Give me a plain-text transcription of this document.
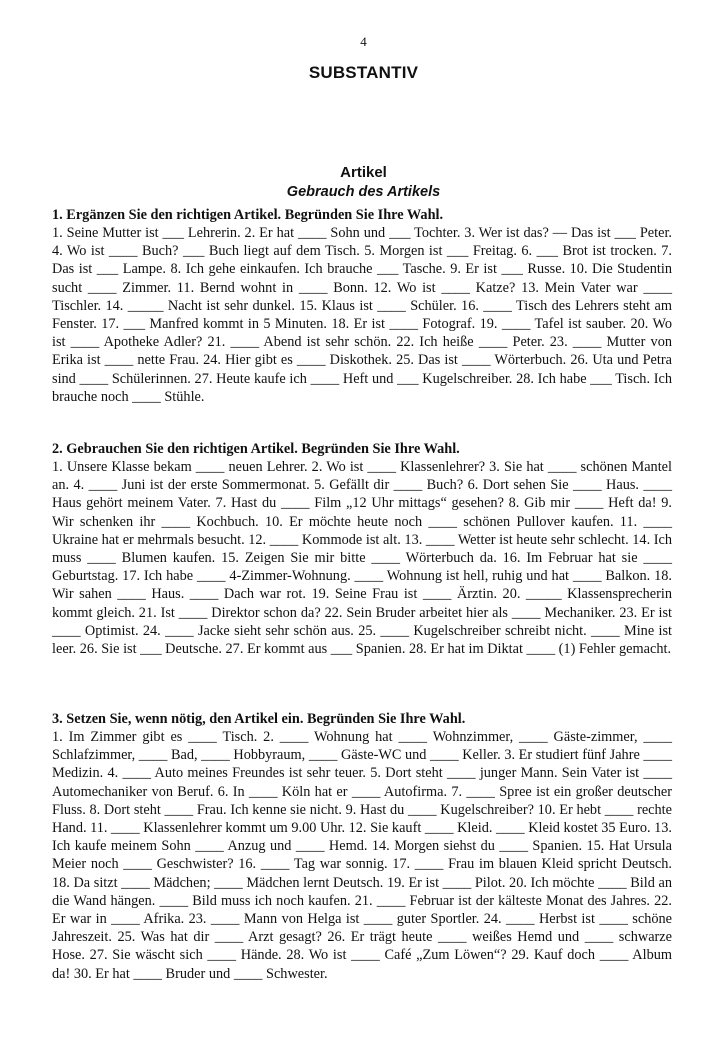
4
SUBSTANTIV
Artikel
Gebrauch des Artikels
1. Ergänzen Sie den richtigen Artikel. Begründen Sie Ihre Wahl.
1. Seine Mutter ist ___ Lehrerin. 2. Er hat ____ Sohn und ___ Tochter. 3. Wer ist das? — Das ist ___ Peter. 4. Wo ist ____ Buch? ___ Buch liegt auf dem Tisch. 5. Morgen ist ___ Freitag. 6. ___ Brot ist trocken. 7. Das ist ___ Lampe. 8. Ich gehe einkaufen. Ich brauche ___ Tasche. 9. Er ist ___ Russe. 10. Die Studentin sucht ____ Zimmer. 11. Bernd wohnt in ____ Bonn. 12. Wo ist ____ Katze? 13. Mein Vater war ____ Tischler. 14. _____ Nacht ist sehr dunkel. 15. Klaus ist ____ Schüler. 16. ____ Tisch des Lehrers steht am Fenster. 17. ___ Manfred kommt in 5 Minuten. 18. Er ist ____ Fotograf. 19. ____ Tafel ist sauber. 20. Wo ist ____ Apotheke Adler? 21. ____ Abend ist sehr schön. 22. Ich heiße ____ Peter. 23. ____ Mutter von Erika ist ____ nette Frau. 24. Hier gibt es ____ Diskothek. 25. Das ist ____ Wörterbuch. 26. Uta und Petra sind ____ Schülerinnen. 27. Heute kaufe ich ____ Heft und ___ Kugelschreiber. 28. Ich habe ___ Tisch. Ich brauche noch ____ Stühle.
2. Gebrauchen Sie den richtigen Artikel. Begründen Sie Ihre Wahl.
1. Unsere Klasse bekam ____ neuen Lehrer. 2. Wo ist ____ Klassenlehrer? 3. Sie hat ____ schönen Mantel an. 4. ____ Juni ist der erste Sommermonat. 5. Gefällt dir ____ Buch? 6. Dort sehen Sie ____ Haus. ____ Haus gehört meinem Vater. 7. Hast du ____ Film „12 Uhr mittags“ gesehen? 8. Gib mir ____ Heft da! 9. Wir schenken ihr ____ Kochbuch. 10. Er möchte heute noch ____ schönen Pullover kaufen. 11. ____ Ukraine hat er mehrmals besucht. 12. ____ Kommode ist alt. 13. ____ Wetter ist heute sehr schlecht. 14. Ich muss ____ Blumen kaufen. 15. Zeigen Sie mir bitte ____ Wörterbuch da. 16. Im Februar hat sie ____ Geburtstag. 17. Ich habe ____ 4-Zimmer-Wohnung. ____ Wohnung ist hell, ruhig und hat ____ Balkon. 18. Wir sahen ____ Haus. ____ Dach war rot. 19. Seine Frau ist ____ Ärztin. 20. _____ Klassensprecherin kommt gleich. 21. Ist ____ Direktor schon da? 22. Sein Bruder arbeitet hier als ____ Mechaniker. 23. Er ist ____ Optimist. 24. ____ Jacke sieht sehr schön aus. 25. ____ Kugelschreiber schreibt nicht. ____ Mine ist leer. 26. Sie ist ___ Deutsche. 27. Er kommt aus ___ Spanien. 28. Er hat im Diktat ____ (1) Fehler gemacht.
3. Setzen Sie, wenn nötig, den Artikel ein. Begründen Sie Ihre Wahl.
1. Im Zimmer gibt es ____ Tisch. 2. ____ Wohnung hat ____ Wohnzimmer, ____ Gäste-zimmer, ____ Schlafzimmer, ____ Bad, ____ Hobbyraum, ____ Gäste-WC und ____ Keller. 3. Er studiert fünf Jahre ____ Medizin. 4. ____ Auto meines Freundes ist sehr teuer. 5. Dort steht ____ junger Mann. Sein Vater ist ____ Automechaniker von Beruf. 6. In ____ Köln hat er ____ Autofirma. 7. ____ Spree ist ein großer deutscher Fluss. 8. Dort steht ____ Frau. Ich kenne sie nicht. 9. Hast du ____ Kugelschreiber? 10. Er hebt ____ rechte Hand. 11. ____ Klassenlehrer kommt um 9.00 Uhr. 12. Sie kauft ____ Kleid. ____ Kleid kostet 35 Euro. 13. Ich kaufe meinem Sohn ____ Anzug und ____ Hemd. 14. Morgen siehst du ____ Spanien. 15. Hat Ursula Meier noch ____ Geschwister? 16. ____ Tag war sonnig. 17. ____ Frau im blauen Kleid spricht Deutsch. 18. Da sitzt ____ Mädchen; ____ Mädchen lernt Deutsch. 19. Er ist ____ Pilot. 20. Ich möchte ____ Bild an die Wand hängen. ____ Bild muss ich noch kaufen. 21. ____ Februar ist der kälteste Monat des Jahres. 22. Er war in ____ Afrika. 23. ____ Mann von Helga ist ____ guter Sportler. 24. ____ Herbst ist ____ schöne Jahreszeit. 25. Was hat dir ____ Arzt gesagt? 26. Er trägt heute ____ weißes Hemd und ____ schwarze Hose. 27. Sie wäscht sich ____ Hände. 28. Wo ist ____ Café „Zum Löwen“? 29. Kauf doch ____ Album da! 30. Er hat ____ Bruder und ____ Schwester.
